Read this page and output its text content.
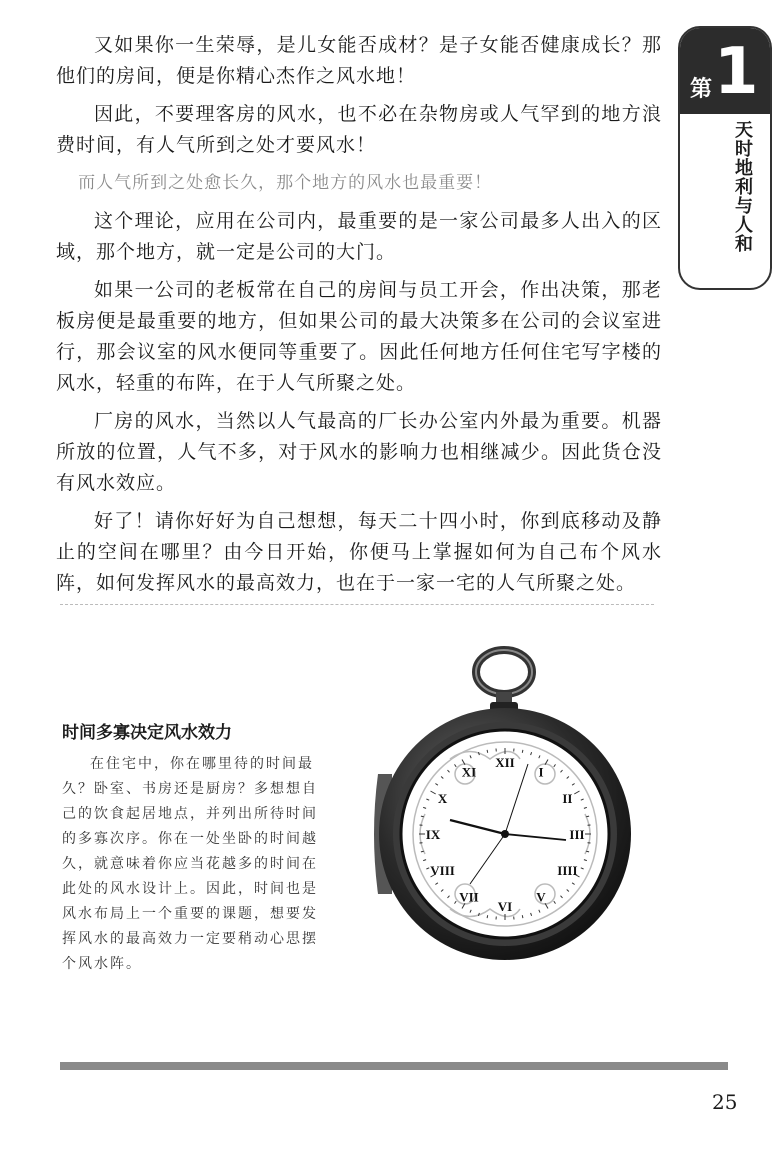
第 1
天时地利与人和

又如果你一生荣辱，是儿女能否成材？是子女能否健康成长？那他们的房间，便是你精心杰作之风水地！

因此，不要理客房的风水，也不必在杂物房或人气罕到的地方浪费时间，有人气所到之处才要风水！

而人气所到之处愈长久，那个地方的风水也最重要！

这个理论，应用在公司内，最重要的是一家公司最多人出入的区域，那个地方，就一定是公司的大门。

如果一公司的老板常在自己的房间与员工开会，作出决策，那老板房便是最重要的地方，但如果公司的最大决策多在公司的会议室进行，那会议室的风水便同等重要了。因此任何地方任何住宅写字楼的风水，轻重的布阵，在于人气所聚之处。

厂房的风水，当然以人气最高的厂长办公室内外最为重要。机器所放的位置，人气不多，对于风水的影响力也相继减少。因此货仓没有风水效应。

好了！请你好好为自己想想，每天二十四小时，你到底移动及静止的空间在哪里？由今日开始，你便马上掌握如何为自己布个风水阵，如何发挥风水的最高效力，也在于一家一宅的人气所聚之处。

时间多寡决定风水效力

在住宅中，你在哪里待的时间最久？卧室、书房还是厨房？多想想自己的饮食起居地点，并列出所待时间的多寡次序。你在一处坐卧的时间越久，就意味着你应当花越多的时间在此处的风水设计上。因此，时间也是风水布局上一个重要的课题，想要发挥风水的最高效力一定要稍动心思摆个风水阵。

XII
I
II
III
IIII
V
VI
VII
VIII
IX
X
XI
25
